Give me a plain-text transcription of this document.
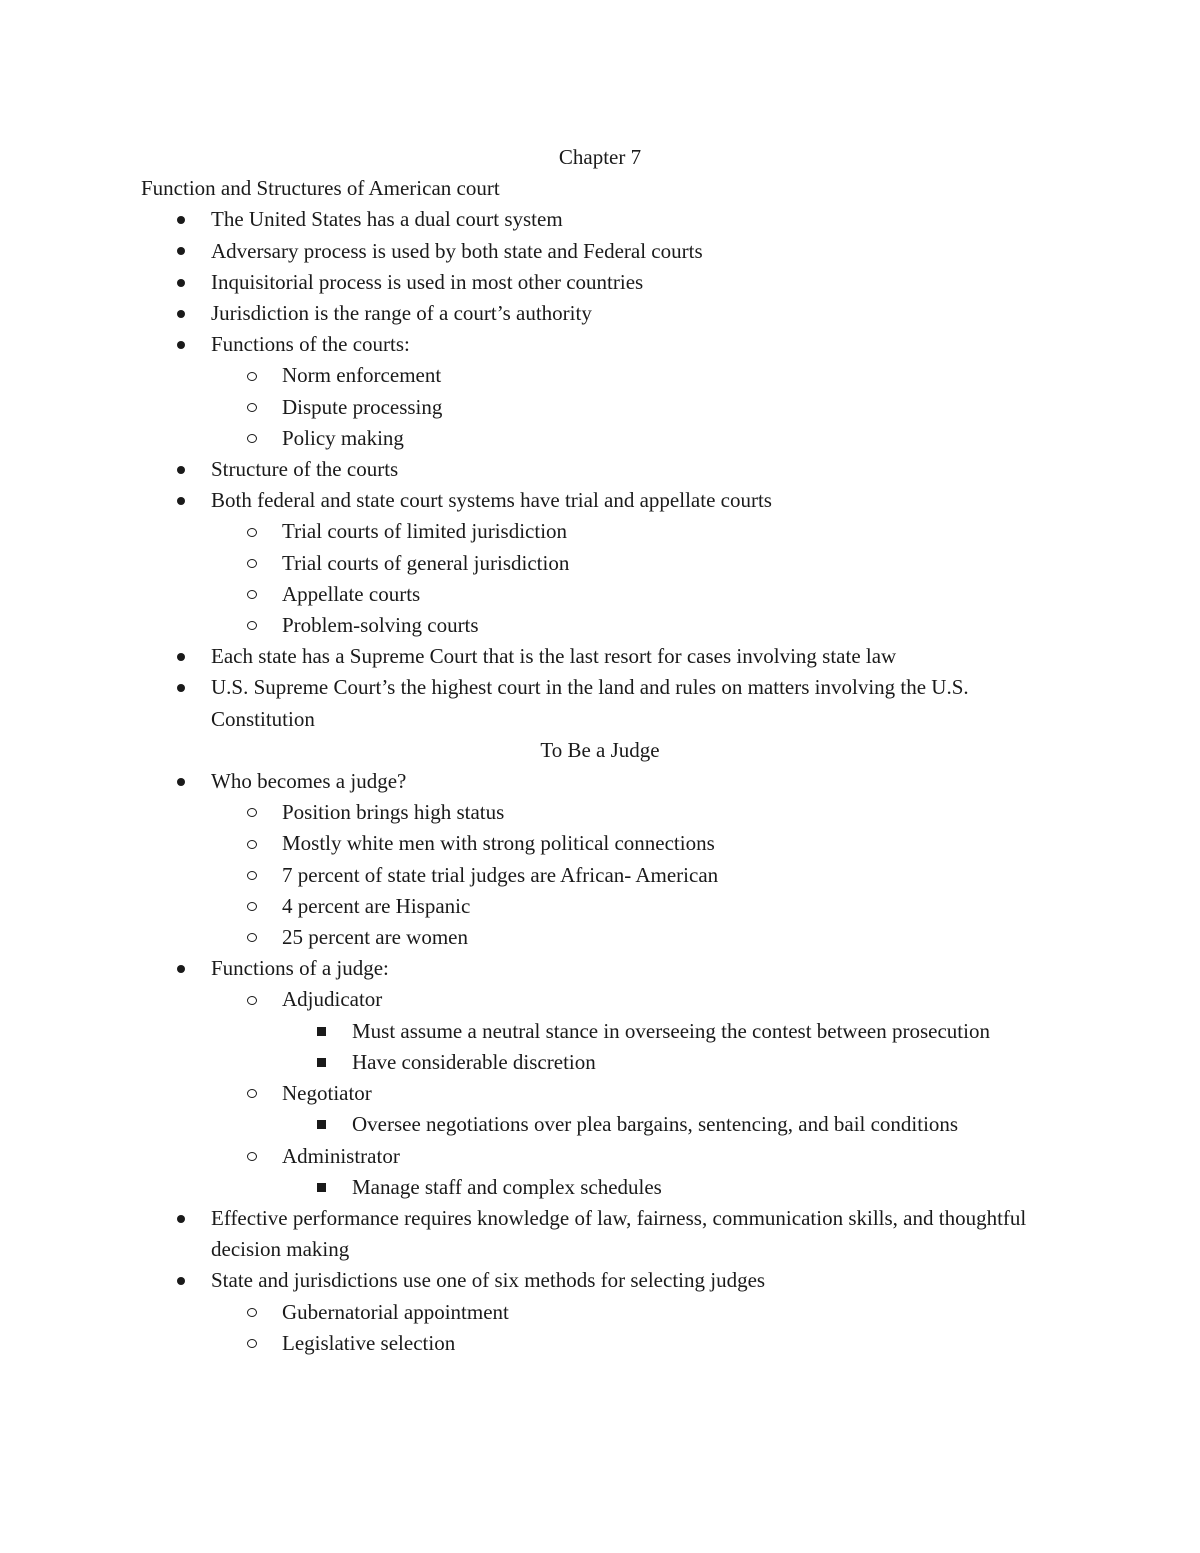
Chapter 7
Function and Structures of American court
The United States has a dual court system
Adversary process is used by both state and Federal courts
Inquisitorial process is used in most other countries
Jurisdiction is the range of a court’s authority
Functions of the courts:
Norm enforcement
Dispute processing
Policy making
Structure of the courts
Both federal and state court systems have trial and appellate courts
Trial courts of limited jurisdiction
Trial courts of general jurisdiction
Appellate courts
Problem-solving courts
Each state has a Supreme Court that is the last resort for cases involving state law
U.S. Supreme Court’s the highest court in the land and rules on matters involving the U.S. Constitution
To Be a Judge
Who becomes a judge?
Position brings high status
Mostly white men with strong political connections
7 percent of state trial judges are African- American
4 percent are Hispanic
25 percent are women
Functions of a judge:
Adjudicator
Must assume a neutral stance in overseeing the contest between prosecution
Have considerable discretion
Negotiator
Oversee negotiations over plea bargains, sentencing, and bail conditions
Administrator
Manage staff and complex schedules
Effective performance requires knowledge of law, fairness, communication skills, and thoughtful decision making
State and jurisdictions use one of six methods for selecting judges
Gubernatorial appointment
Legislative selection
